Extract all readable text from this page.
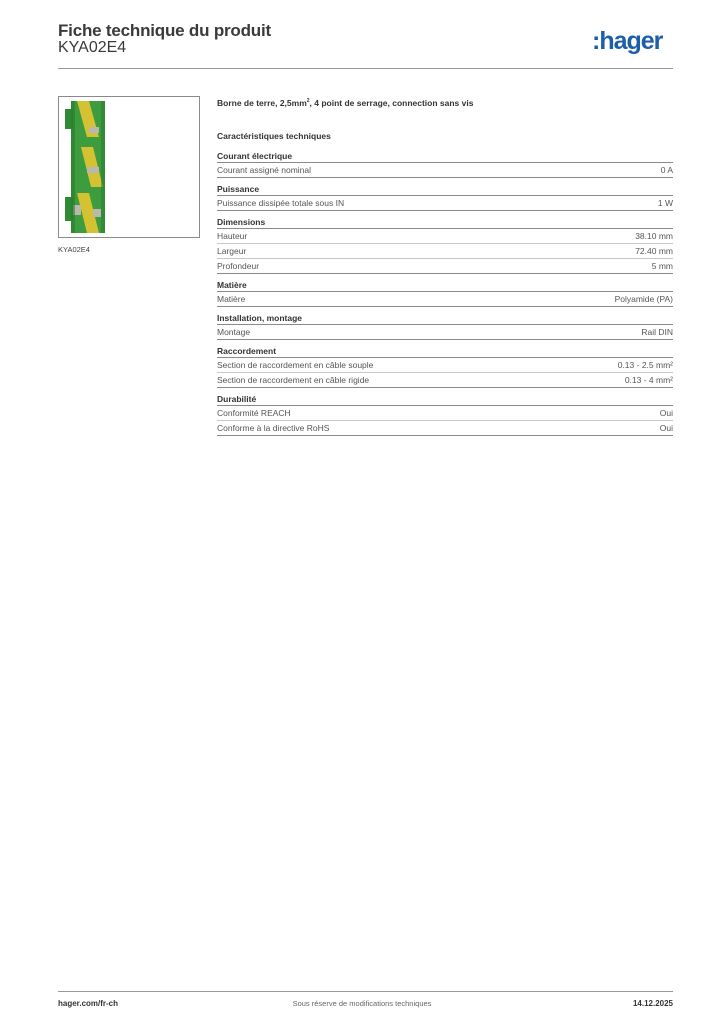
Fiche technique du produit
KYA02E4	:hager
KYA02E4
Borne de terre, $2,5mm^2$, 4 point de serrage, connection sans vis
Caractéristiques techniques
Courant électrique
Courant assigné nominal	0 A
Puissance
Puissance dissipée totale sous IN	1 W
Dimensions
Hauteur	38.10 mm
Largeur	72.40 mm
Profondeur	5 mm
Matière
Matière	Polyamide (PA)
Installation, montage
Montage	Rail DIN
Raccordement
Section de raccordement en câble souple	0.13 - 2.5 mm²
Section de raccordement en câble rigide	0.13 - 4 mm²
Durabilité
Conformité REACH	Oui
Conforme à la directive RoHS	Oui
hager.com/fr-ch	Sous réserve de modifications techniques	14.12.2025
